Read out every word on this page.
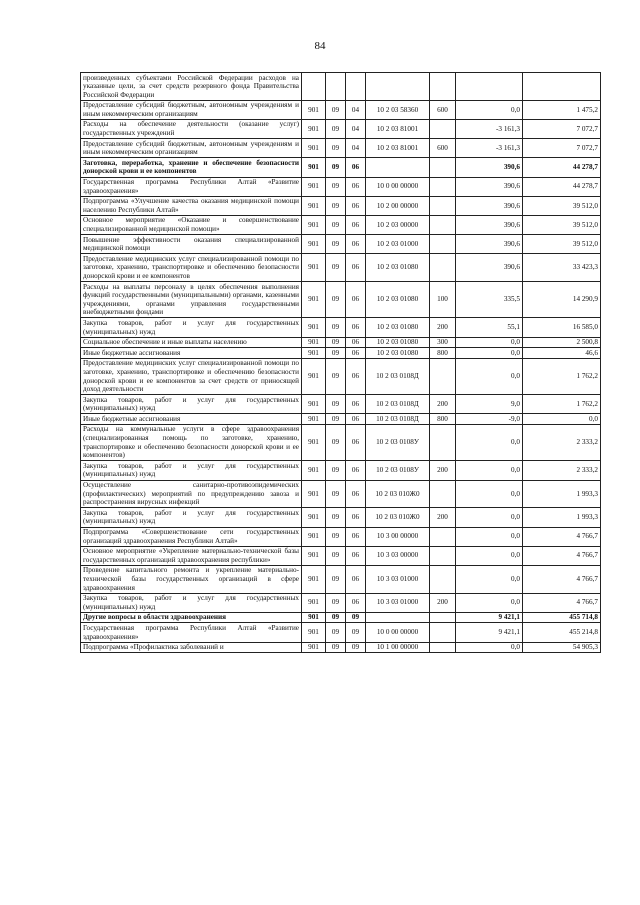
84
произведенных субъектами Российской Федерации расходов на указанные цели, за счет средств резервного фонда Правительства Российской Федерации							
Предоставление субсидий бюджетным, автономным учреждениям и иным некоммерческим организациям	901	09	04	10 2 03 58360	600	0,0	1 475,2
Расходы на обеспечение деятельности (оказание услуг) государственных учреждений	901	09	04	10 2 03 81001		-3 161,3	7 072,7
Предоставление субсидий бюджетным, автономным учреждениям и иным некоммерческим организациям	901	09	04	10 2 03 81001	600	-3 161,3	7 072,7
Заготовка, переработка, хранение и обеспечение безопасности донорской крови и ее компонентов	901	09	06			390,6	44 278,7
Государственная программа Республики Алтай «Развитие здравоохранения»	901	09	06	10 0 00 00000		390,6	44 278,7
Подпрограмма «Улучшение качества оказания медицинской помощи населению Республики Алтай»	901	09	06	10 2 00 00000		390,6	39 512,0
Основное мероприятие «Оказание и совершенствование специализированной медицинской помощи»	901	09	06	10 2 03 00000		390,6	39 512,0
Повышение эффективности оказания специализированной медицинской помощи	901	09	06	10 2 03 01000		390,6	39 512,0
Предоставление медицинских услуг специализированной помощи по заготовке, хранению, транспортировке и обеспечению безопасности донорской крови и ее компонентов	901	09	06	10 2 03 01080		390,6	33 423,3
Расходы на выплаты персоналу в целях обеспечения выполнения функций государственными (муниципальными) органами, казенными учреждениями, органами управления государственными внебюджетными фондами	901	09	06	10 2 03 01080	100	335,5	14 290,9
Закупка товаров, работ и услуг для государственных (муниципальных) нужд	901	09	06	10 2 03 01080	200	55,1	16 585,0
Социальное обеспечение и иные выплаты населению	901	09	06	10 2 03 01080	300	0,0	2 500,8
Иные бюджетные ассигнования	901	09	06	10 2 03 01080	800	0,0	46,6
Предоставление медицинских услуг специализированной помощи по заготовке, хранению, транспортировке и обеспечению безопасности донорской крови и ее компонентов за счет средств от приносящей доход деятельности	901	09	06	10 2 03 0108Д		0,0	1 762,2
Закупка товаров, работ и услуг для государственных (муниципальных) нужд	901	09	06	10 2 03 0108Д	200	9,0	1 762,2
Иные бюджетные ассигнования	901	09	06	10 2 03 0108Д	800	-9,0	0,0
Расходы на коммунальные услуги в сфере здравоохранения (специализированная помощь по заготовке, хранению, транспортировке и обеспечению безопасности донорской крови и ее компонентов)	901	09	06	10 2 03 0108У		0,0	2 333,2
Закупка товаров, работ и услуг для государственных (муниципальных) нужд	901	09	06	10 2 03 0108У	200	0,0	2 333,2
Осуществление санитарно-противоэпидемических (профилактических) мероприятий по предупреждению завоза и распространения вирусных инфекций	901	09	06	10 2 03 010Ж0		0,0	1 993,3
Закупка товаров, работ и услуг для государственных (муниципальных) нужд	901	09	06	10 2 03 010Ж0	200	0,0	1 993,3
Подпрограмма «Совершенствование сети государственных организаций здравоохранения Республики Алтай»	901	09	06	10 3 00 00000		0,0	4 766,7
Основное мероприятие «Укрепление материально-технической базы государственных организаций здравоохранения республики»	901	09	06	10 3 03 00000		0,0	4 766,7
Проведение капитального ремонта и укрепление материально-технической базы государственных организаций в сфере здравоохранения	901	09	06	10 3 03 01000		0,0	4 766,7
Закупка товаров, работ и услуг для государственных (муниципальных) нужд	901	09	06	10 3 03 01000	200	0,0	4 766,7
Другие вопросы в области здравоохранения	901	09	09			9 421,1	455 714,8
Государственная программа Республики Алтай «Развитие здравоохранения»	901	09	09	10 0 00 00000		9 421,1	455 214,8
Подпрограмма «Профилактика заболеваний и	901	09	09	10 1 00 00000		0,0	54 905,3
